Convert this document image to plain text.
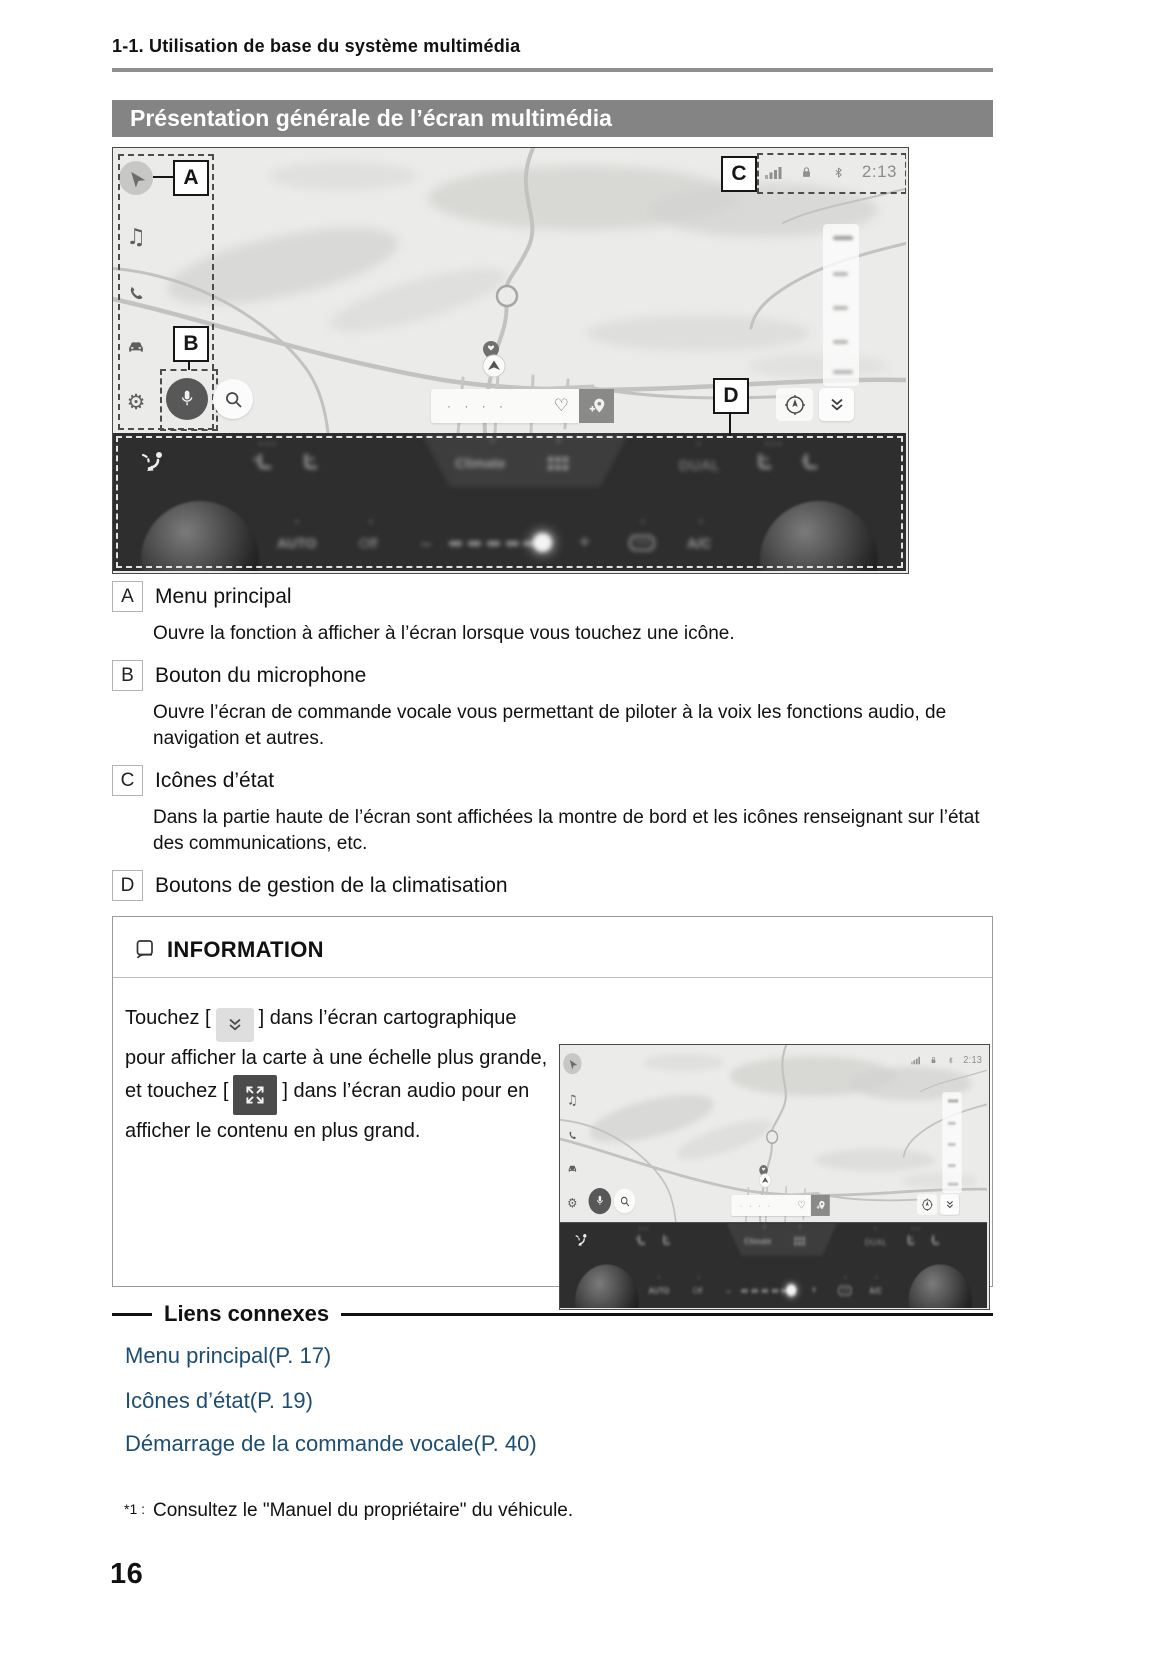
1-1. Utilisation de base du système multimédia
Présentation générale de l’écran multimédia
♫
⚙
2:13
· · · ·	♡
A
B
C
•••	∧	∧
Climate
•
DUAL
•••
•
AUTO
▪
Off –	+
•	•
A/C
D
A	Menu principal
Ouvre la fonction à afficher à l’écran lorsque vous touchez une icône.
B	Bouton du microphone
Ouvre l’écran de commande vocale vous permettant de piloter à la voix les fonctions audio, de navigation et autres.
C Icônes d’état
Dans la partie haute de l’écran sont affichées la montre de bord et les icônes renseignant sur l’état des communications, etc.
D Boutons de gestion de la climatisation
INFORMATION
Touchez [ ] dans l’écran cartographique pour afficher la carte à une échelle plus grande, et touchez [	] dans l’écran audio pour en afficher le contenu en plus grand.
♫
⚙
2:13
· · · · ♡
•••	∧	∧
Climate
•
DUAL
•••
•
AUTO
▪
Off –	+
•	•
A/C
Liens connexes
Menu principal(P. 17)
Icônes d’état(P. 19)
Démarrage de la commande vocale(P. 40)
*1 : Consultez le "Manuel du propriétaire" du véhicule.
16
